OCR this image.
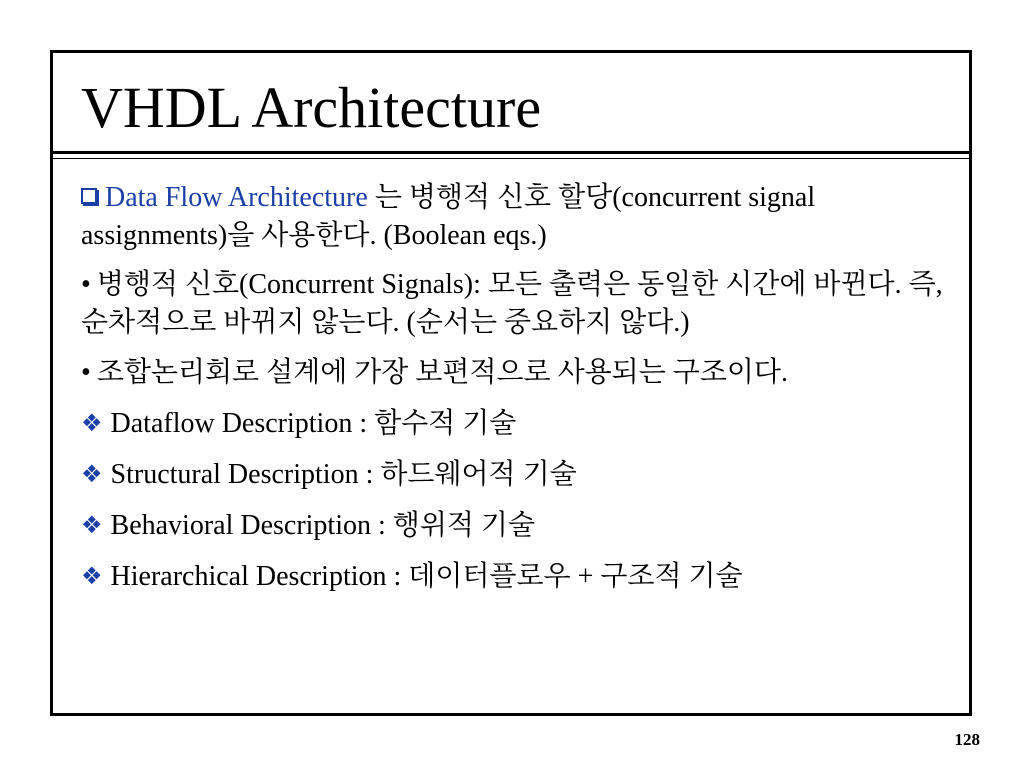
VHDL Architecture

Data Flow Architecture 는 병행적 신호 할당(concurrent signal assignments)을 사용한다. (Boolean eqs.)

• 병행적 신호(Concurrent Signals): 모든 출력은 동일한 시간에 바뀐다. 즉, 순차적으로 바뀌지 않는다. (순서는 중요하지 않다.)

• 조합논리회로 설계에 가장 보편적으로 사용되는 구조이다.

❖ Dataflow Description : 함수적 기술

❖ Structural Description : 하드웨어적 기술

❖ Behavioral Description : 행위적 기술

❖ Hierarchical Description : 데이터플로우 + 구조적 기술

128
